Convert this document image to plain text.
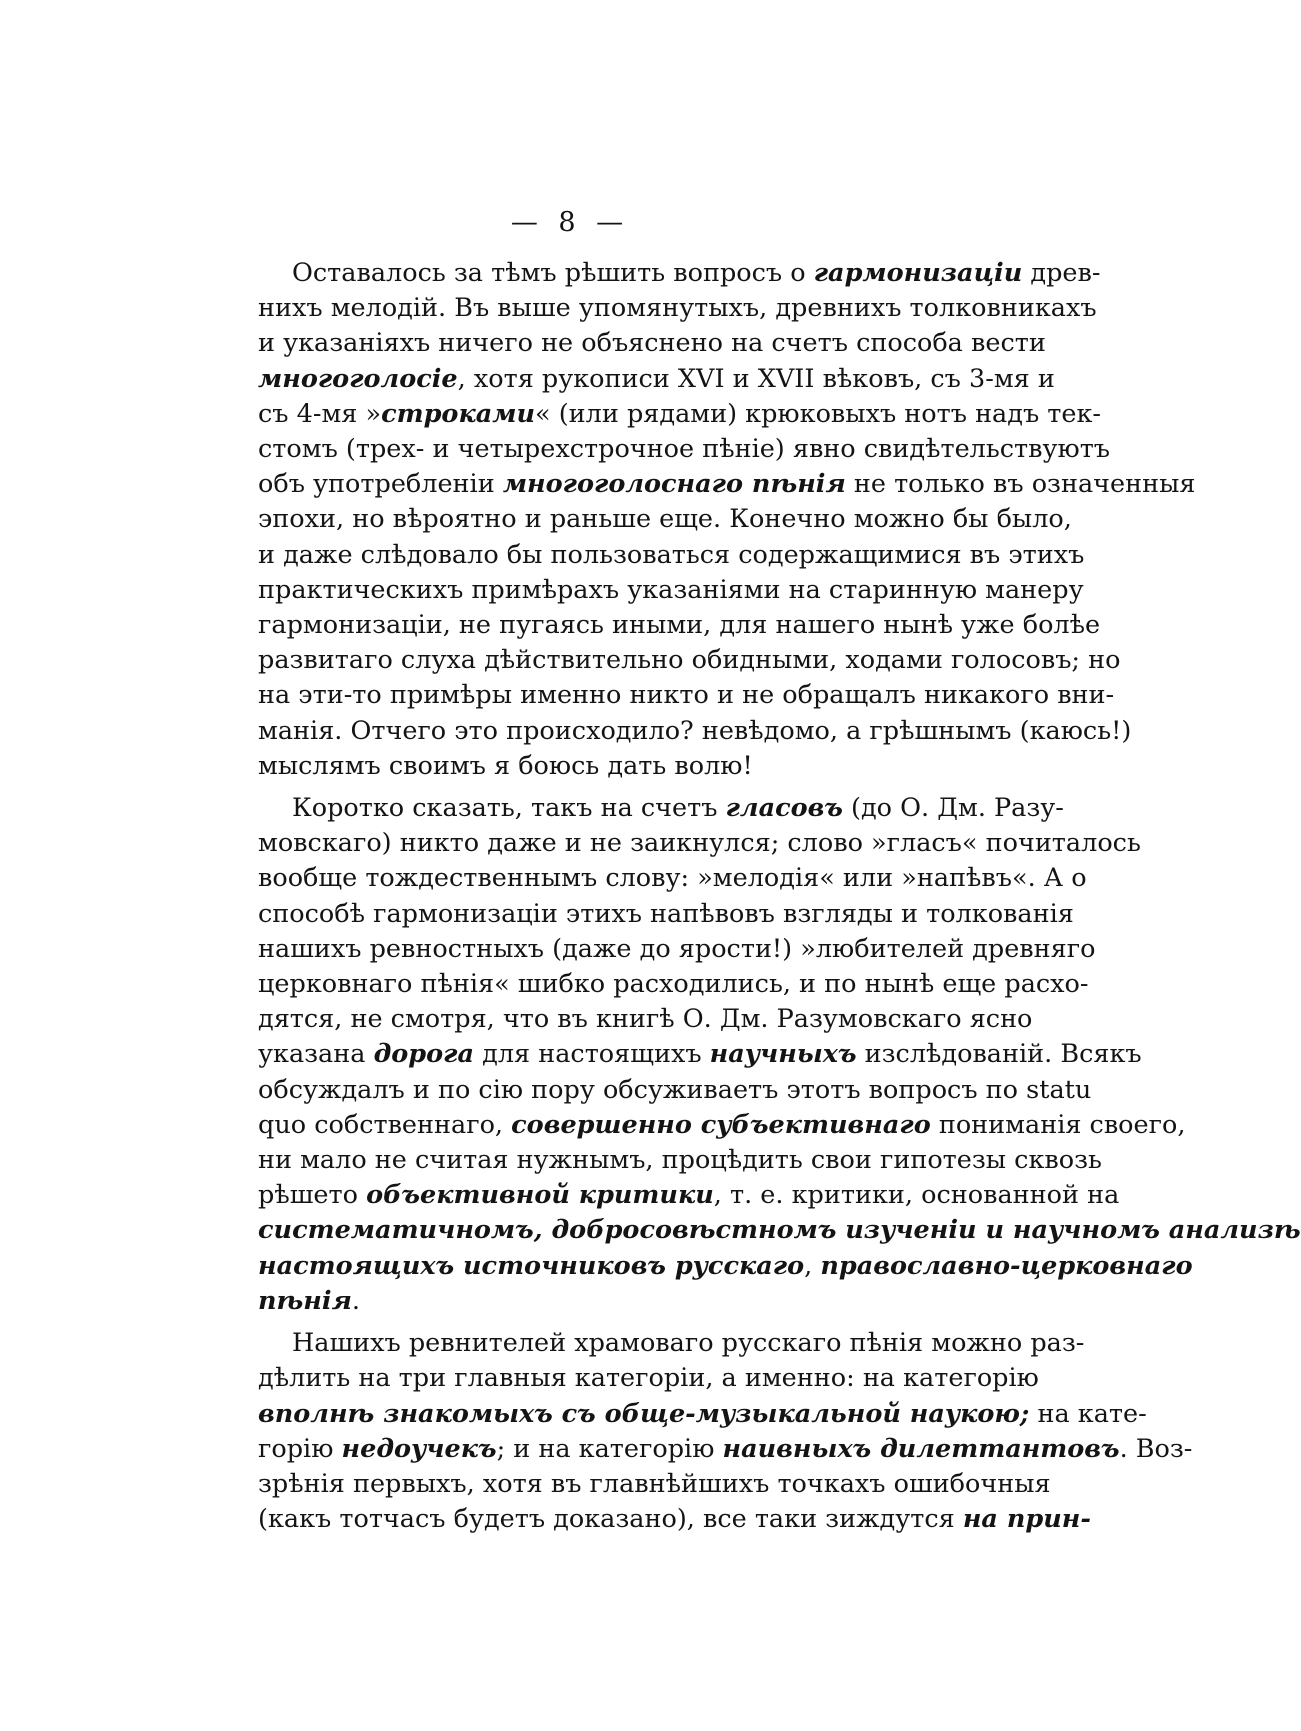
— 8 —
Оставалось за тѣмъ рѣшить вопросъ о гармонизаціи древ-
нихъ мелодій. Въ выше упомянутыхъ, древнихъ толковникахъ
и указаніяхъ ничего не объяснено на счетъ способа вести
многоголосіе, хотя рукописи XVI и XVII вѣковъ, съ 3-мя и
съ 4-мя »строками« (или рядами) крюковыхъ нотъ надъ тек-
стомъ (трех- и четырехстрочное пѣніе) явно свидѣтельствуютъ
объ употребленіи многоголоснаго пѣнія не только въ означенныя
эпохи, но вѣроятно и раньше еще. Конечно можно бы было,
и даже слѣдовало бы пользоваться содержащимися въ этихъ
практическихъ примѣрахъ указаніями на старинную манеру
гармонизаціи, не пугаясь иными, для нашего нынѣ уже болѣе
развитаго слуха дѣйствительно обидными, ходами голосовъ; но
на эти-то примѣры именно никто и не обращалъ никакого вни-
манія. Отчего это происходило? невѣдомо, а грѣшнымъ (каюсь!)
мыслямъ своимъ я боюсь дать волю!
Коротко сказать, такъ на счетъ гласовъ (до О. Дм. Разу-
мовскаго) никто даже и не заикнулся; слово »гласъ« почиталось
вообще тождественнымъ слову: »мелодія« или »напѣвъ«. А о
способѣ гармонизаціи этихъ напѣвовъ взгляды и толкованія
нашихъ ревностныхъ (даже до ярости!) »любителей древняго
церковнаго пѣнія« шибко расходились, и по нынѣ еще расхо-
дятся, не смотря, что въ книгѣ О. Дм. Разумовскаго ясно
указана дорога для настоящихъ научныхъ изслѣдованій. Всякъ
обсуждалъ и по сію пору обсуживаетъ этотъ вопросъ по statu
quo собственнаго, совершенно субъективнаго пониманія своего,
ни мало не считая нужнымъ, процѣдить свои гипотезы сквозь
рѣшето объективной критики, т. е. критики, основанной на
систематичномъ, добросовѣстномъ изученіи и научномъ анализѣ
настоящихъ источниковъ русскаго, православно-церковнаго
пѣнія.
Нашихъ ревнителей храмоваго русскаго пѣнія можно раз-
дѣлить на три главныя категоріи, а именно: на категорію
вполнѣ знакомыхъ съ обще-музыкальной наукою; на кате-
горію недоучекъ; и на категорію наивныхъ дилеттантовъ. Воз-
зрѣнія первыхъ, хотя въ главнѣйшихъ точкахъ ошибочныя
(какъ тотчасъ будетъ доказано), все таки зиждутся на прин-
